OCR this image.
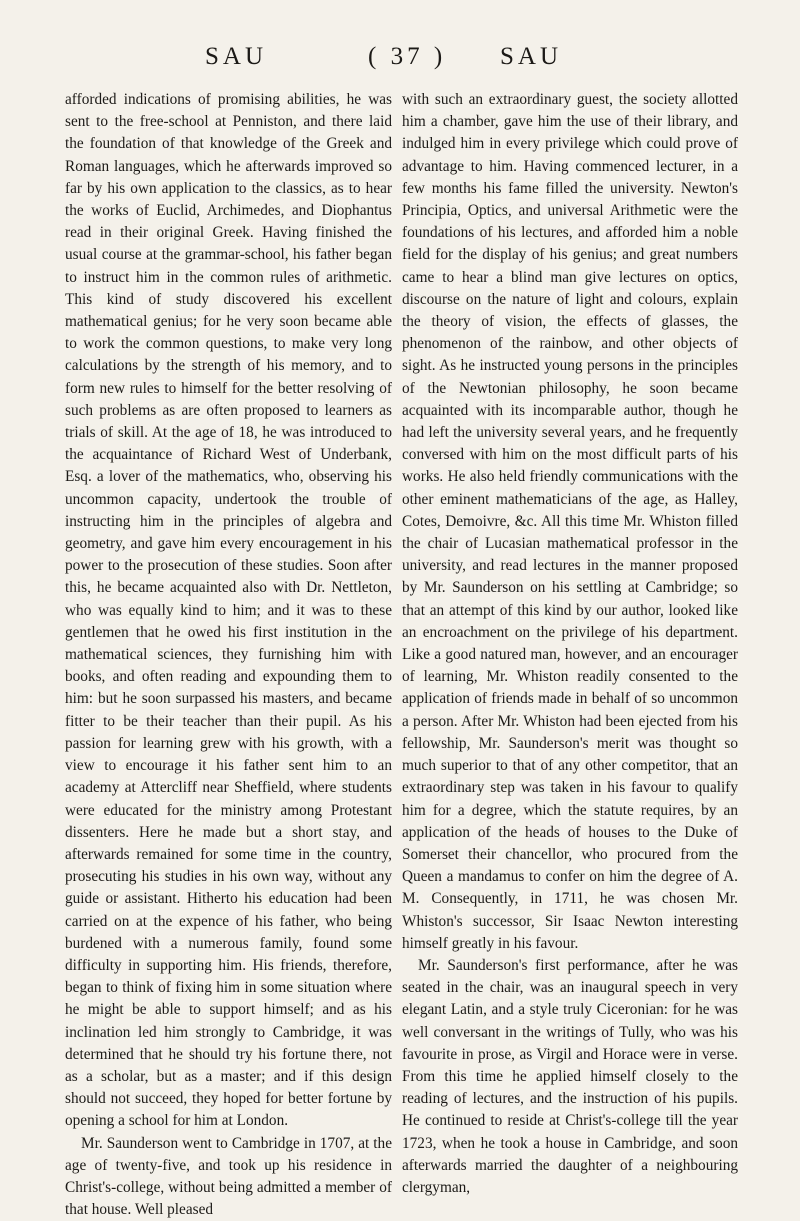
SAU	( 37 ) SAU

afforded indications of promising abilities, he was sent to the free-school at Penniston, and there laid the foundation of that knowledge of the Greek and Roman languages, which he afterwards improved so far by his own application to the classics, as to hear the works of Euclid, Archimedes, and Diophantus read in their original Greek. Having finished the usual course at the grammar-school, his father began to instruct him in the common rules of arithmetic. This kind of study discovered his excellent mathematical genius; for he very soon became able to work the common questions, to make very long calculations by the strength of his memory, and to form new rules to himself for the better resolving of such problems as are often proposed to learners as trials of skill. At the age of 18, he was introduced to the acquaintance of Richard West of Underbank, Esq. a lover of the mathematics, who, observing his uncommon capacity, undertook the trouble of instructing him in the principles of algebra and geometry, and gave him every encouragement in his power to the prosecution of these studies. Soon after this, he became acquainted also with Dr. Nettleton, who was equally kind to him; and it was to these gentlemen that he owed his first institution in the mathematical sciences, they furnishing him with books, and often reading and expounding them to him: but he soon surpassed his masters, and became fitter to be their teacher than their pupil. As his passion for learning grew with his growth, with a view to encourage it his father sent him to an academy at Attercliff near Sheffield, where students were educated for the ministry among Protestant dissenters. Here he made but a short stay, and afterwards remained for some time in the country, prosecuting his studies in his own way, without any guide or assistant. Hitherto his education had been carried on at the expence of his father, who being burdened with a numerous family, found some difficulty in supporting him. His friends, therefore, began to think of fixing him in some situation where he might be able to support himself; and as his inclination led him strongly to Cambridge, it was determined that he should try his fortune there, not as a scholar, but as a master; and if this design should not succeed, they hoped for better fortune by opening a school for him at London.

Mr. Saunderson went to Cambridge in 1707, at the age of twenty-five, and took up his residence in Christ's-college, without being admitted a member of that house. Well pleased

with such an extraordinary guest, the society allotted him a chamber, gave him the use of their library, and indulged him in every privilege which could prove of advantage to him. Having commenced lecturer, in a few months his fame filled the university. Newton's Principia, Optics, and universal Arithmetic were the foundations of his lectures, and afforded him a noble field for the display of his genius; and great numbers came to hear a blind man give lectures on optics, discourse on the nature of light and colours, explain the theory of vision, the effects of glasses, the phenomenon of the rainbow, and other objects of sight. As he instructed young persons in the principles of the Newtonian philosophy, he soon became acquainted with its incomparable author, though he had left the university several years, and he frequently conversed with him on the most difficult parts of his works. He also held friendly communications with the other eminent mathematicians of the age, as Halley, Cotes, Demoivre, &c. All this time Mr. Whiston filled the chair of Lucasian mathematical professor in the university, and read lectures in the manner proposed by Mr. Saunderson on his settling at Cambridge; so that an attempt of this kind by our author, looked like an encroachment on the privilege of his department. Like a good natured man, however, and an encourager of learning, Mr. Whiston readily consented to the application of friends made in behalf of so uncommon a person. After Mr. Whiston had been ejected from his fellowship, Mr. Saunderson's merit was thought so much superior to that of any other competitor, that an extraordinary step was taken in his favour to qualify him for a degree, which the statute requires, by an application of the heads of houses to the Duke of Somerset their chancellor, who procured from the Queen a mandamus to confer on him the degree of A. M. Consequently, in 1711, he was chosen Mr. Whiston's successor, Sir Isaac Newton interesting himself greatly in his favour.

Mr. Saunderson's first performance, after he was seated in the chair, was an inaugural speech in very elegant Latin, and a style truly Ciceronian: for he was well conversant in the writings of Tully, who was his favourite in prose, as Virgil and Horace were in verse. From this time he applied himself closely to the reading of lectures, and the instruction of his pupils. He continued to reside at Christ's-college till the year 1723, when he took a house in Cambridge, and soon afterwards married the daughter of a neighbouring clergyman,
